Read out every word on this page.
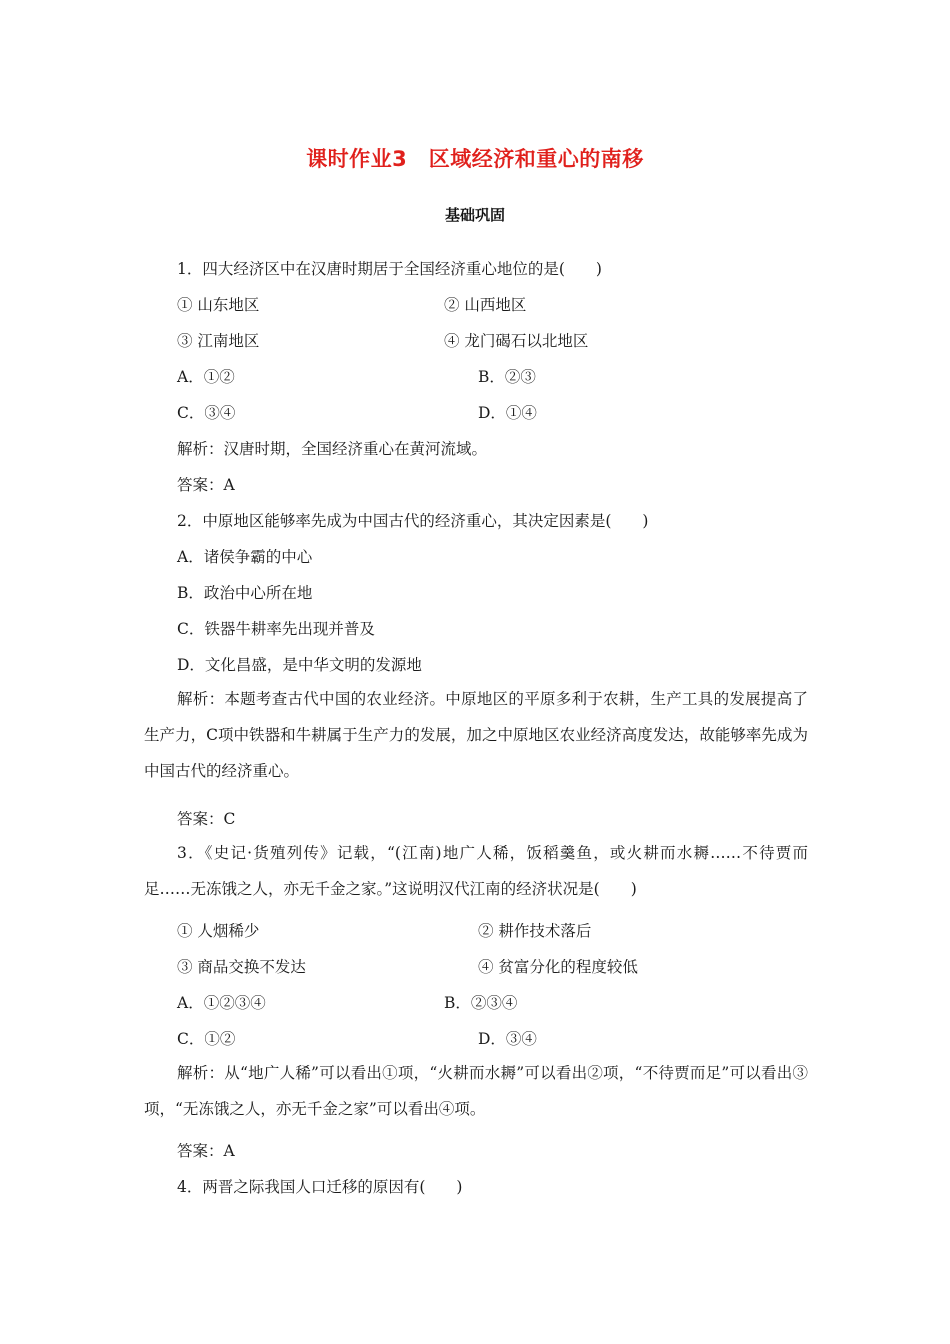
课时作业3　区域经济和重心的南移
基础巩固
1．四大经济区中在汉唐时期居于全国经济重心地位的是(　　)
① 山东地区	② 山西地区
③ 江南地区	④ 龙门碣石以北地区
A．①②	B．②③
C．③④	D．①④
解析：汉唐时期，全国经济重心在黄河流域。
答案：A
2．中原地区能够率先成为中国古代的经济重心，其决定因素是(　　)
A．诸侯争霸的中心
B．政治中心所在地
C．铁器牛耕率先出现并普及
D．文化昌盛，是中华文明的发源地
解析：本题考查古代中国的农业经济。中原地区的平原多利于农耕，生产工具的发展提高了生产力，C项中铁器和牛耕属于生产力的发展，加之中原地区农业经济高度发达，故能够率先成为中国古代的经济重心。
答案：C
3．《史记·货殖列传》记载，“(江南)地广人稀，饭稻羹鱼，或火耕而水耨……不待贾而足……无冻饿之人，亦无千金之家。”这说明汉代江南的经济状况是(　　)
① 人烟稀少	② 耕作技术落后
③ 商品交换不发达	④ 贫富分化的程度较低
A．①②③④	B．②③④
C．①②	D．③④
解析：从“地广人稀”可以看出①项，“火耕而水耨”可以看出②项，“不待贾而足”可以看出③项，“无冻饿之人，亦无千金之家”可以看出④项。
答案：A
4．两晋之际我国人口迁移的原因有(　　)
